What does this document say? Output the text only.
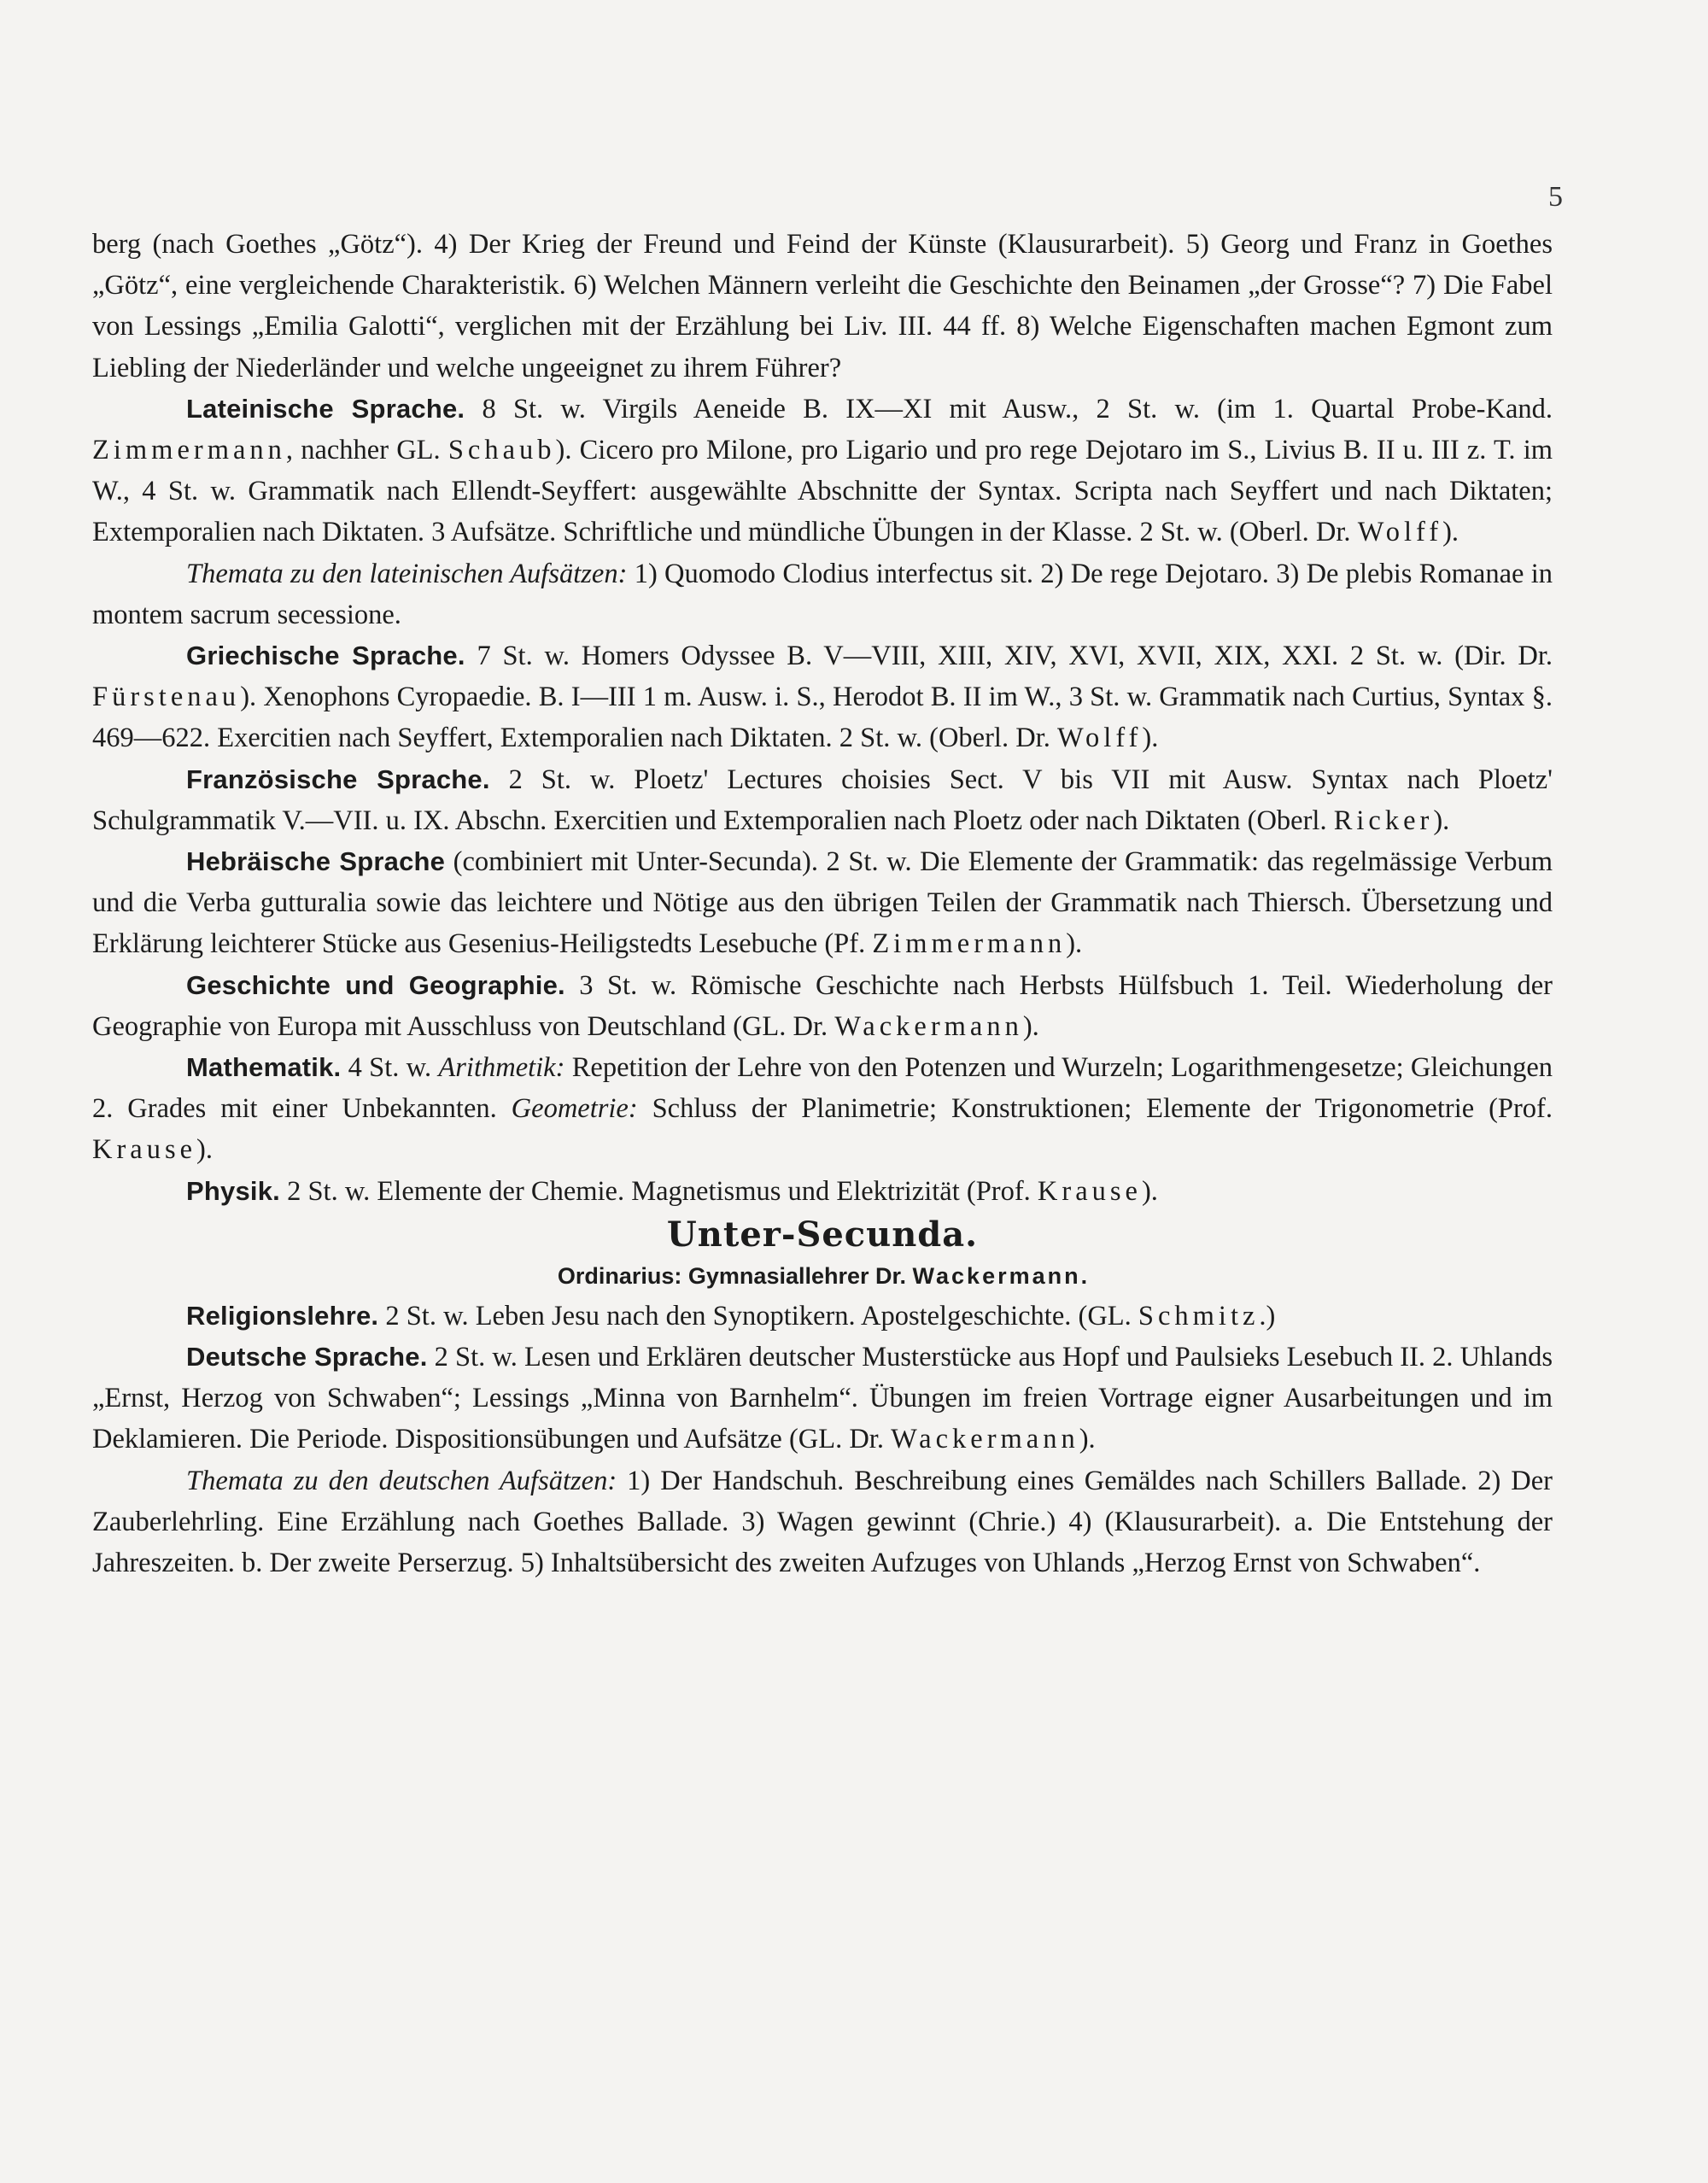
5

berg (nach Goethes „Götz“). 4) Der Krieg der Freund und Feind der Künste (Klausurarbeit). 5) Georg und Franz in Goethes „Götz“, eine vergleichende Charakteristik. 6) Welchen Männern verleiht die Geschichte den Beinamen „der Grosse“? 7) Die Fabel von Lessings „Emilia Galotti“, verglichen mit der Erzählung bei Liv. III. 44 ff. 8) Welche Eigenschaften machen Egmont zum Liebling der Niederländer und welche ungeeignet zu ihrem Führer?

Lateinische Sprache. 8 St. w. Virgils Aeneide B. IX—XI mit Ausw., 2 St. w. (im 1. Quartal Probe-Kand. Zimmermann, nachher GL. Schaub). Cicero pro Milone, pro Ligario und pro rege Dejotaro im S., Livius B. II u. III z. T. im W., 4 St. w. Grammatik nach Ellendt-Seyffert: ausgewählte Abschnitte der Syntax. Scripta nach Seyffert und nach Diktaten; Extemporalien nach Diktaten. 3 Aufsätze. Schriftliche und mündliche Übungen in der Klasse. 2 St. w. (Oberl. Dr. Wolff).

Themata zu den lateinischen Aufsätzen: 1) Quomodo Clodius interfectus sit. 2) De rege Dejotaro. 3) De plebis Romanae in montem sacrum secessione.

Griechische Sprache. 7 St. w. Homers Odyssee B. V—VIII, XIII, XIV, XVI, XVII, XIX, XXI. 2 St. w. (Dir. Dr. Fürstenau). Xenophons Cyropaedie. B. I—III 1 m. Ausw. i. S., Herodot B. II im W., 3 St. w. Grammatik nach Curtius, Syntax §. 469—622. Exercitien nach Seyffert, Extemporalien nach Diktaten. 2 St. w. (Oberl. Dr. Wolff).

Französische Sprache. 2 St. w. Ploetz' Lectures choisies Sect. V bis VII mit Ausw. Syntax nach Ploetz' Schulgrammatik V.—VII. u. IX. Abschn. Exercitien und Extemporalien nach Ploetz oder nach Diktaten (Oberl. Ricker).

Hebräische Sprache (combiniert mit Unter-Secunda). 2 St. w. Die Elemente der Grammatik: das regelmässige Verbum und die Verba gutturalia sowie das leichtere und Nötige aus den übrigen Teilen der Grammatik nach Thiersch. Übersetzung und Erklärung leichterer Stücke aus Gesenius-Heiligstedts Lesebuche (Pf. Zimmermann).

Geschichte und Geographie. 3 St. w. Römische Geschichte nach Herbsts Hülfsbuch 1. Teil. Wiederholung der Geographie von Europa mit Ausschluss von Deutschland (GL. Dr. Wackermann).

Mathematik. 4 St. w. Arithmetik: Repetition der Lehre von den Potenzen und Wurzeln; Logarithmengesetze; Gleichungen 2. Grades mit einer Unbekannten. Geometrie: Schluss der Planimetrie; Konstruktionen; Elemente der Trigonometrie (Prof. Krause).

Physik. 2 St. w. Elemente der Chemie. Magnetismus und Elektrizität (Prof. Krause).

Unter-Secunda.

Ordinarius: Gymnasiallehrer Dr. Wackermann.

Religionslehre. 2 St. w. Leben Jesu nach den Synoptikern. Apostelgeschichte. (GL. Schmitz.)

Deutsche Sprache. 2 St. w. Lesen und Erklären deutscher Musterstücke aus Hopf und Paulsieks Lesebuch II. 2. Uhlands „Ernst, Herzog von Schwaben“; Lessings „Minna von Barnhelm“. Übungen im freien Vortrage eigner Ausarbeitungen und im Deklamieren. Die Periode. Dispositionsübungen und Aufsätze (GL. Dr. Wackermann).

Themata zu den deutschen Aufsätzen: 1) Der Handschuh. Beschreibung eines Gemäldes nach Schillers Ballade. 2) Der Zauberlehrling. Eine Erzählung nach Goethes Ballade. 3) Wagen gewinnt (Chrie.) 4) (Klausurarbeit). a. Die Entstehung der Jahreszeiten. b. Der zweite Perserzug. 5) Inhaltsübersicht des zweiten Aufzuges von Uhlands „Herzog Ernst von Schwaben“.
